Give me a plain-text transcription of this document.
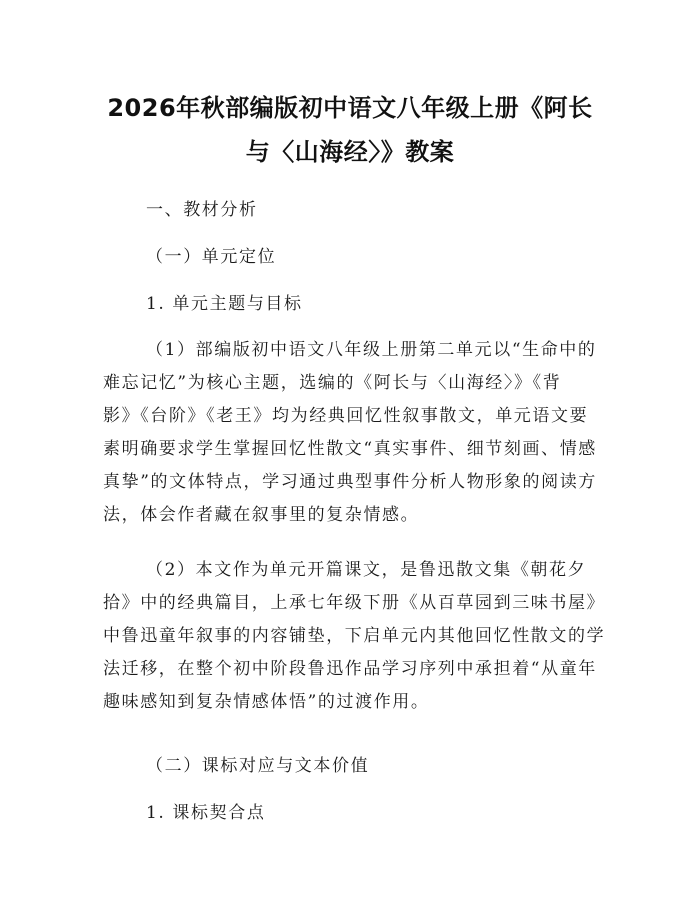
2026年秋部编版初中语文八年级上册《阿长
与〈山海经〉》教案
一、教材分析
（一）单元定位
1. 单元主题与目标
（1）部编版初中语文八年级上册第二单元以“生命中的
难忘记忆”为核心主题，选编的《阿长与〈山海经〉》《背
影》《台阶》《老王》均为经典回忆性叙事散文，单元语文要
素明确要求学生掌握回忆性散文“真实事件、细节刻画、情感
真挚”的文体特点，学习通过典型事件分析人物形象的阅读方
法，体会作者藏在叙事里的复杂情感。
（2）本文作为单元开篇课文，是鲁迅散文集《朝花夕
拾》中的经典篇目，上承七年级下册《从百草园到三味书屋》
中鲁迅童年叙事的内容铺垫，下启单元内其他回忆性散文的学
法迁移，在整个初中阶段鲁迅作品学习序列中承担着“从童年
趣味感知到复杂情感体悟”的过渡作用。
（二）课标对应与文本价值
1. 课标契合点
